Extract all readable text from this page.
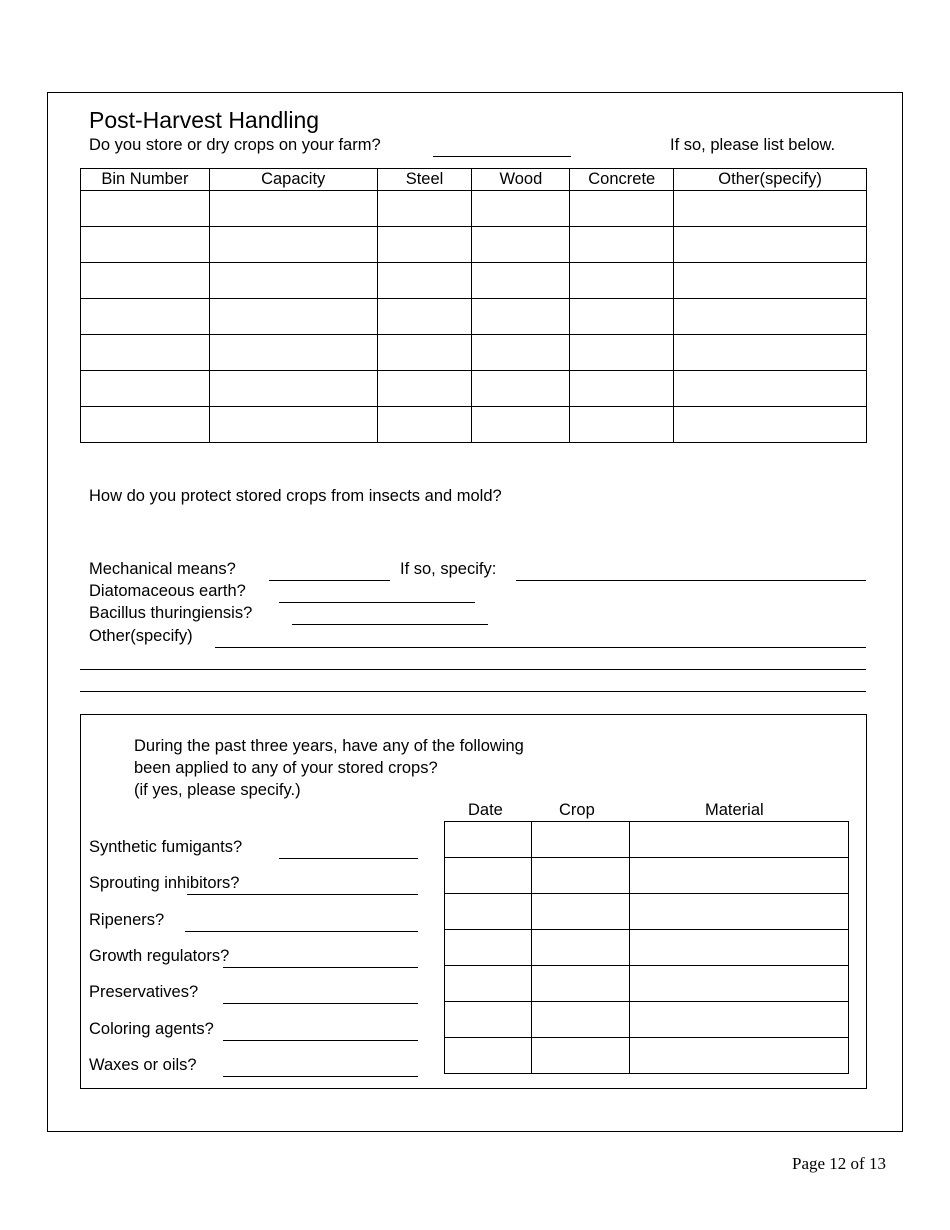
Post-Harvest Handling
Do you store or dry crops on your farm?	If so, please list below.
Bin Number	Capacity	Steel	Wood	Concrete	Other(specify)

How do you protect stored crops from insects and mold?
Mechanical means?	If so, specify:
Diatomaceous earth?
Bacillus thuringiensis?
Other(specify)
During the past three years, have any of the following
been applied to any of your stored crops?
(if yes, please specify.)
Date	Crop	Material
Synthetic fumigants?
Sprouting inhibitors?
Ripeners?
Growth regulators?
Preservatives?
Coloring agents?
Waxes or oils?

Page 12 of 13
